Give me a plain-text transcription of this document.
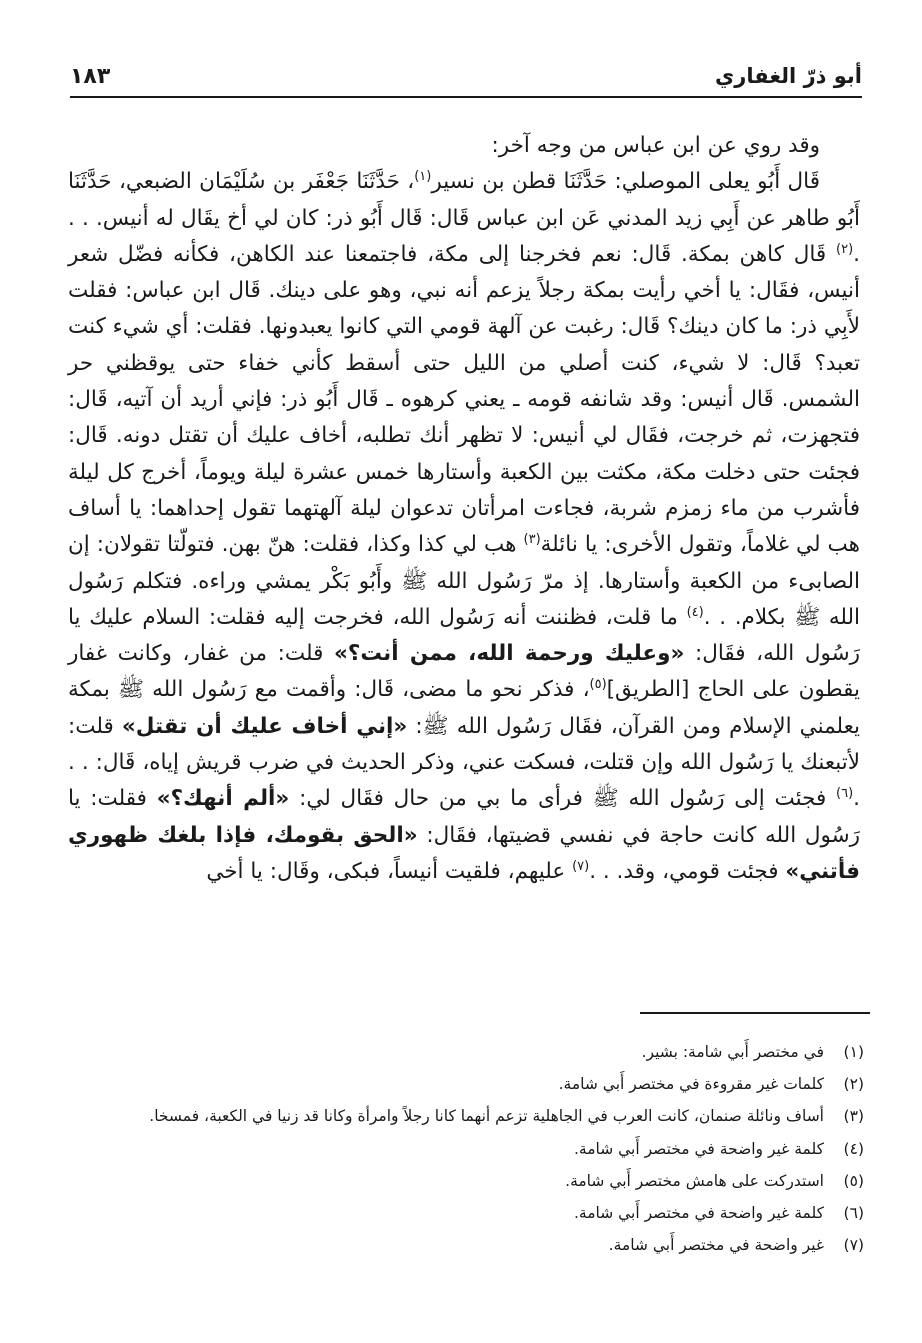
أبو ذرّ الغفاري
١٨٣

وقد روي عن ابن عباس من وجه آخر:

قَال أَبُو يعلى الموصلي: حَدَّثَنَا قطن بن نسير$^{(١)}$، حَدَّثَنَا جَعْفَر بن سُلَيْمَان الضبعي، حَدَّثَنَا أَبُو طاهر عن أَبِي زيد المدني عَن ابن عباس قَال: قَال أَبُو ذر: كان لي أخ يقَال له أنيس. . . .$^{(٢)}$ قَال كاهن بمكة. قَال: نعم فخرجنا إلى مكة، فاجتمعنا عند الكاهن، فكأنه فضّل شعر أنيس، فقَال: يا أخي رأيت بمكة رجلاً يزعم أنه نبي، وهو على دينك. قَال ابن عباس: فقلت لأَبِي ذر: ما كان دينك؟ قَال: رغبت عن آلهة قومي التي كانوا يعبدونها. فقلت: أي شيء كنت تعبد؟ قَال: لا شيء، كنت أصلي من الليل حتى أسقط كأني خفاء حتى يوقظني حر الشمس. قَال أنيس: وقد شانفه قومه ـ يعني كرهوه ـ قَال أَبُو ذر: فإني أريد أن آتيه، قَال: فتجهزت، ثم خرجت، فقَال لي أنيس: لا تظهر أنك تطلبه، أخاف عليك أن تقتل دونه. قَال: فجئت حتى دخلت مكة، مكثت بين الكعبة وأستارها خمس عشرة ليلة ويوماً، أخرج كل ليلة فأشرب من ماء زمزم شربة، فجاءت امرأتان تدعوان ليلة آلهتهما تقول إحداهما: يا أساف هب لي غلاماً، وتقول الأخرى: يا نائلة$^{(٣)}$ هب لي كذا وكذا، فقلت: هنّ بهن. فتولّتا تقولان: إن الصابىء من الكعبة وأستارها. إذ مرّ رَسُول الله ﷺ وأَبُو بَكْر يمشي وراءه. فتكلم رَسُول الله ﷺ بكلام. . .$^{(٤)}$ ما قلت، فظننت أنه رَسُول الله، فخرجت إليه فقلت: السلام عليك يا رَسُول الله، فقَال: «وعليك ورحمة الله، ممن أنت؟» قلت: من غفار، وكانت غفار يقطون على الحاج [الطريق]$^{(٥)}$، فذكر نحو ما مضى، قَال: وأقمت مع رَسُول الله ﷺ بمكة يعلمني الإسلام ومن القرآن، فقَال رَسُول الله ﷺ: «إني أخاف عليك أن تقتل» قلت: لأتبعنك يا رَسُول الله وإن قتلت، فسكت عني، وذكر الحديث في ضرب قريش إياه، قَال: . . .$^{(٦)}$ فجئت إلى رَسُول الله ﷺ فرأى ما بي من حال فقَال لي: «ألم أنهك؟» فقلت: يا رَسُول الله كانت حاجة في نفسي قضيتها، فقَال: «الحق بقومك، فإذا بلغك ظهوري فأتني» فجئت قومي، وقد. . .$^{(٧)}$ عليهم، فلقيت أنيساً، فبكى، وقَال: يا أخي

(١)في مختصر أَبي شامة: بشير.
(٢)كلمات غير مقروءة في مختصر أَبي شامة.
(٣)أساف ونائلة صنمان، كانت العرب في الجاهلية تزعم أنهما كانا رجلاً وامرأة وكانا قد زنيا في الكعبة، فمسخا.
(٤)كلمة غير واضحة في مختصر أَبي شامة.
(٥)استدركت على هامش مختصر أَبي شامة.
(٦)كلمة غير واضحة في مختصر أَبي شامة.
(٧)غير واضحة في مختصر أَبي شامة.
